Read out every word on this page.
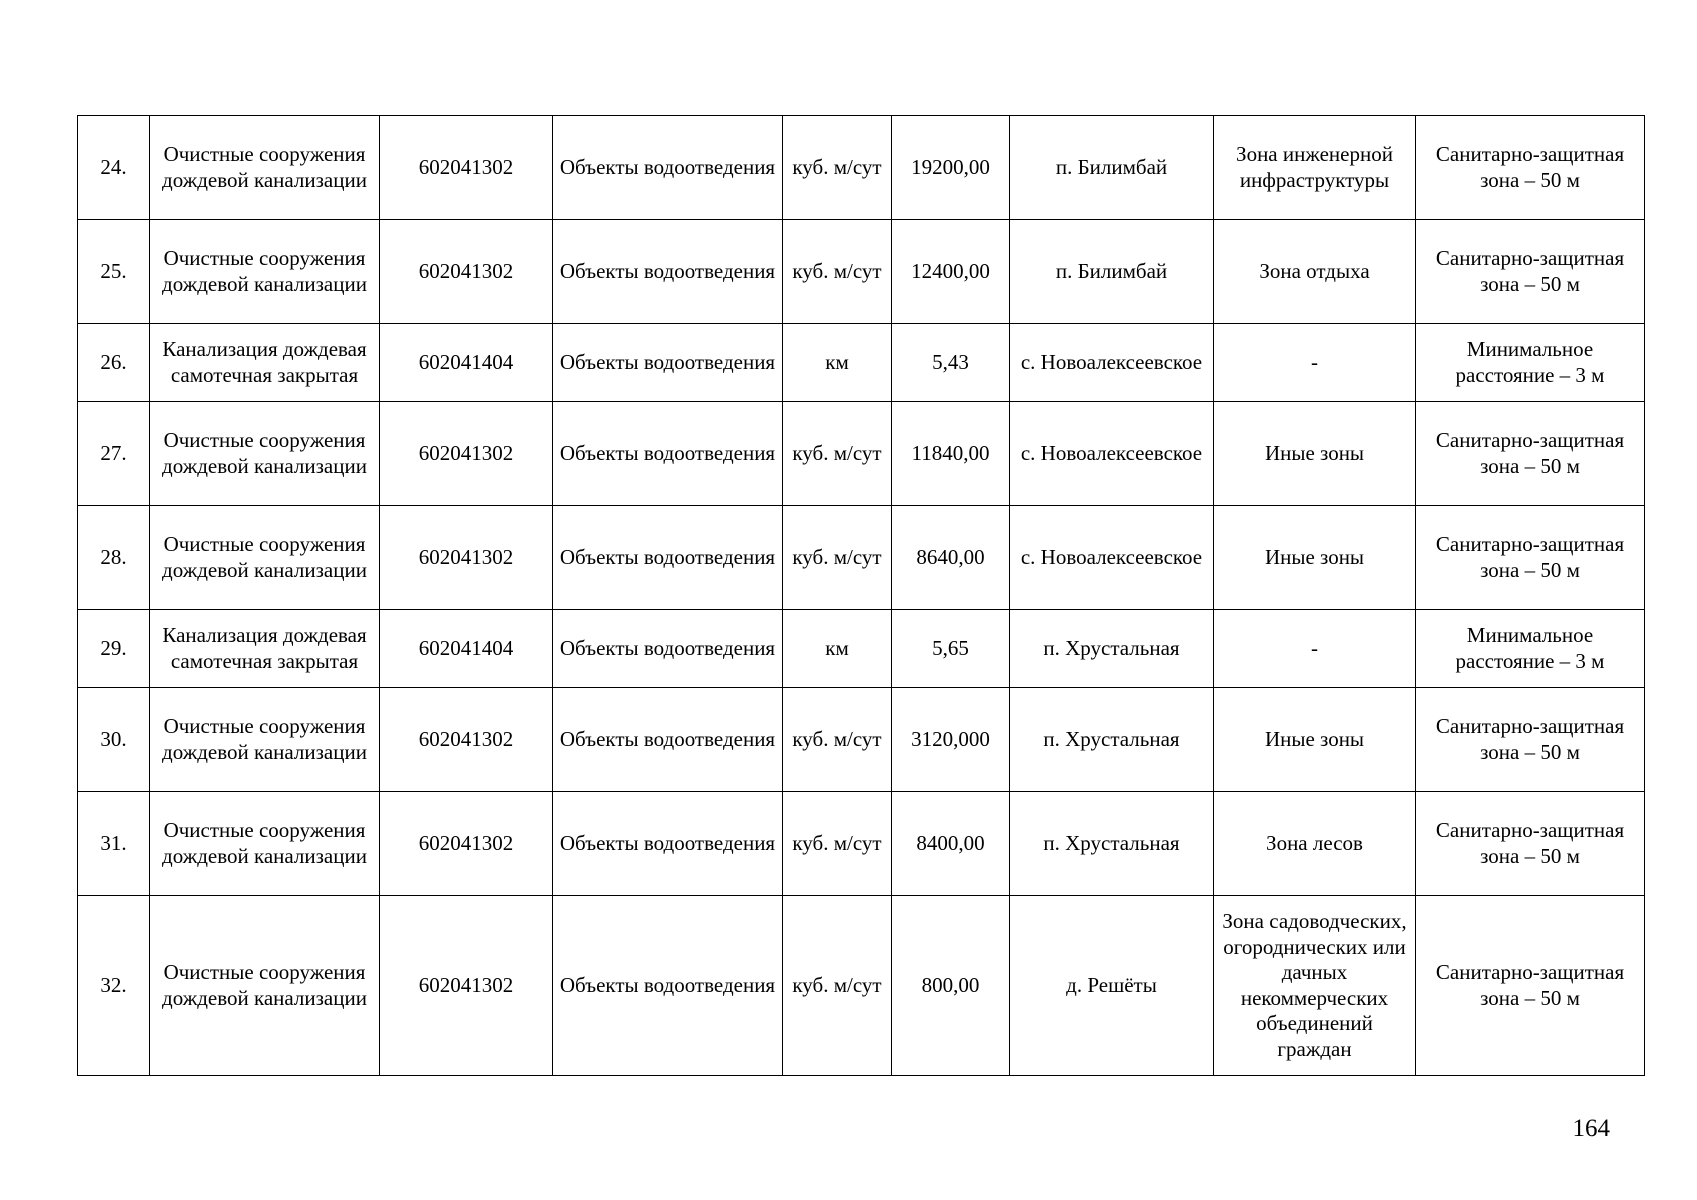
24.	Очистные сооружения дождевой канализации	602041302	Объекты водоотведения	куб. м/сут	19200,00	п. Билимбай	Зона инженерной инфраструктуры	Санитарно-защитная зона – 50 м
25.	Очистные сооружения дождевой канализации	602041302	Объекты водоотведения	куб. м/сут	12400,00	п. Билимбай	Зона отдыха	Санитарно-защитная зона – 50 м
26.	Канализация дождевая самотечная закрытая	602041404	Объекты водоотведения	км	5,43	с. Новоалексеевское	-	Минимальное расстояние – 3 м
27.	Очистные сооружения дождевой канализации	602041302	Объекты водоотведения	куб. м/сут	11840,00	с. Новоалексеевское	Иные зоны	Санитарно-защитная зона – 50 м
28.	Очистные сооружения дождевой канализации	602041302	Объекты водоотведения	куб. м/сут	8640,00	с. Новоалексеевское	Иные зоны	Санитарно-защитная зона – 50 м
29.	Канализация дождевая самотечная закрытая	602041404	Объекты водоотведения	км	5,65	п. Хрустальная	-	Минимальное расстояние – 3 м
30.	Очистные сооружения дождевой канализации	602041302	Объекты водоотведения	куб. м/сут	3120,000	п. Хрустальная	Иные зоны	Санитарно-защитная зона – 50 м
31.	Очистные сооружения дождевой канализации	602041302	Объекты водоотведения	куб. м/сут	8400,00	п. Хрустальная	Зона лесов	Санитарно-защитная зона – 50 м
32.	Очистные сооружения дождевой канализации	602041302	Объекты водоотведения	куб. м/сут	800,00	д. Решёты	Зона садоводческих, огороднических или дачных некоммерческих объединений граждан	Санитарно-защитная зона – 50 м
164
